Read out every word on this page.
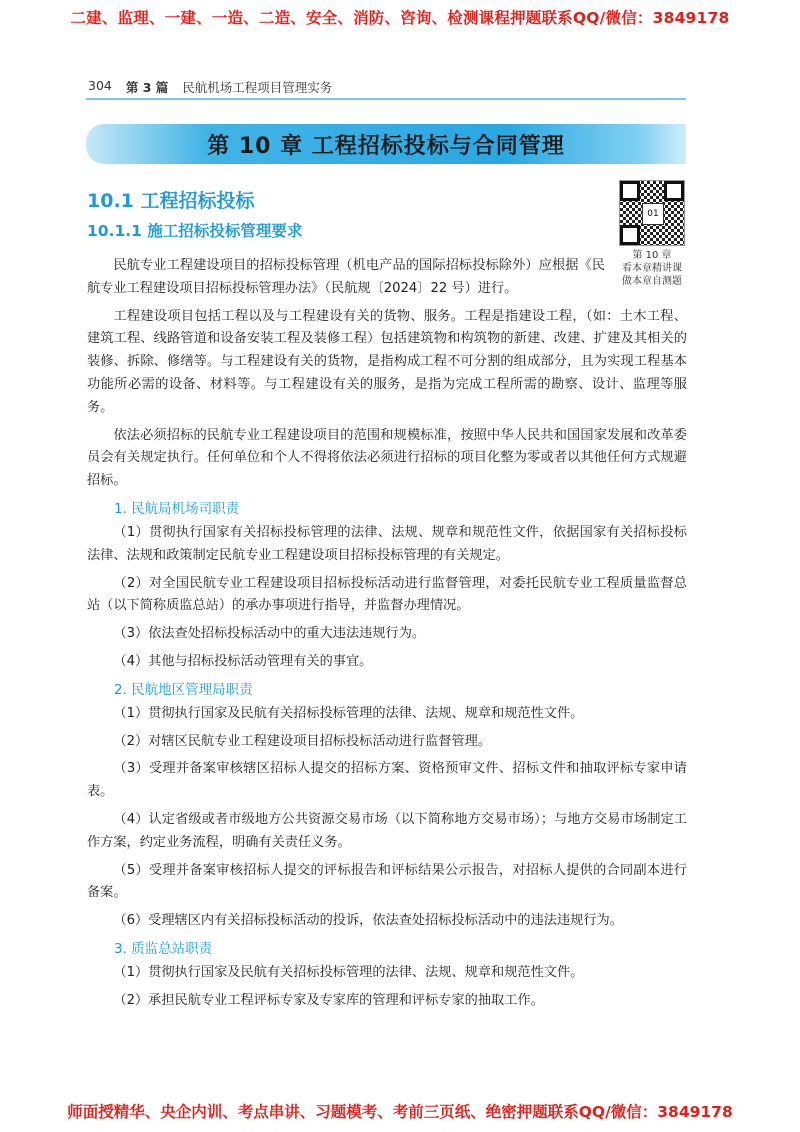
二建、监理、一建、一造、二造、安全、消防、咨询、检测课程押题联系QQ/微信：3849178
304 第 3 篇 民航机场工程项目管理实务
第 10 章 工程招标投标与合同管理
10.1 工程招标投标
10.1.1 施工招标投标管理要求
01
第 10 章
看本章精讲课
做本章自测题

民航专业工程建设项目的招标投标管理（机电产品的国际招标投标除外）应根据《民航专业工程建设项目招标投标管理办法》（民航规〔2024〕22 号）进行。

工程建设项目包括工程以及与工程建设有关的货物、服务。工程是指建设工程，（如：土木工程、建筑工程、线路管道和设备安装工程及装修工程）包括建筑物和构筑物的新建、改建、扩建及其相关的装修、拆除、修缮等。与工程建设有关的货物，是指构成工程不可分割的组成部分，且为实现工程基本功能所必需的设备、材料等。与工程建设有关的服务，是指为完成工程所需的勘察、设计、监理等服务。

依法必须招标的民航专业工程建设项目的范围和规模标准，按照中华人民共和国国家发展和改革委员会有关规定执行。任何单位和个人不得将依法必须进行招标的项目化整为零或者以其他任何方式规避招标。

1. 民航局机场司职责

（1）贯彻执行国家有关招标投标管理的法律、法规、规章和规范性文件，依据国家有关招标投标法律、法规和政策制定民航专业工程建设项目招标投标管理的有关规定。

（2）对全国民航专业工程建设项目招标投标活动进行监督管理，对委托民航专业工程质量监督总站（以下简称质监总站）的承办事项进行指导，并监督办理情况。

（3）依法查处招标投标活动中的重大违法违规行为。

（4）其他与招标投标活动管理有关的事宜。

2. 民航地区管理局职责

（1）贯彻执行国家及民航有关招标投标管理的法律、法规、规章和规范性文件。

（2）对辖区民航专业工程建设项目招标投标活动进行监督管理。

（3）受理并备案审核辖区招标人提交的招标方案、资格预审文件、招标文件和抽取评标专家申请表。

（4）认定省级或者市级地方公共资源交易市场（以下简称地方交易市场）；与地方交易市场制定工作方案，约定业务流程，明确有关责任义务。

（5）受理并备案审核招标人提交的评标报告和评标结果公示报告，对招标人提供的合同副本进行备案。

（6）受理辖区内有关招标投标活动的投诉，依法查处招标投标活动中的违法违规行为。

3. 质监总站职责

（1）贯彻执行国家及民航有关招标投标管理的法律、法规、规章和规范性文件。

（2）承担民航专业工程评标专家及专家库的管理和评标专家的抽取工作。

师面授精华、央企内训、考点串讲、习题模考、考前三页纸、绝密押题联系QQ/微信：3849178
